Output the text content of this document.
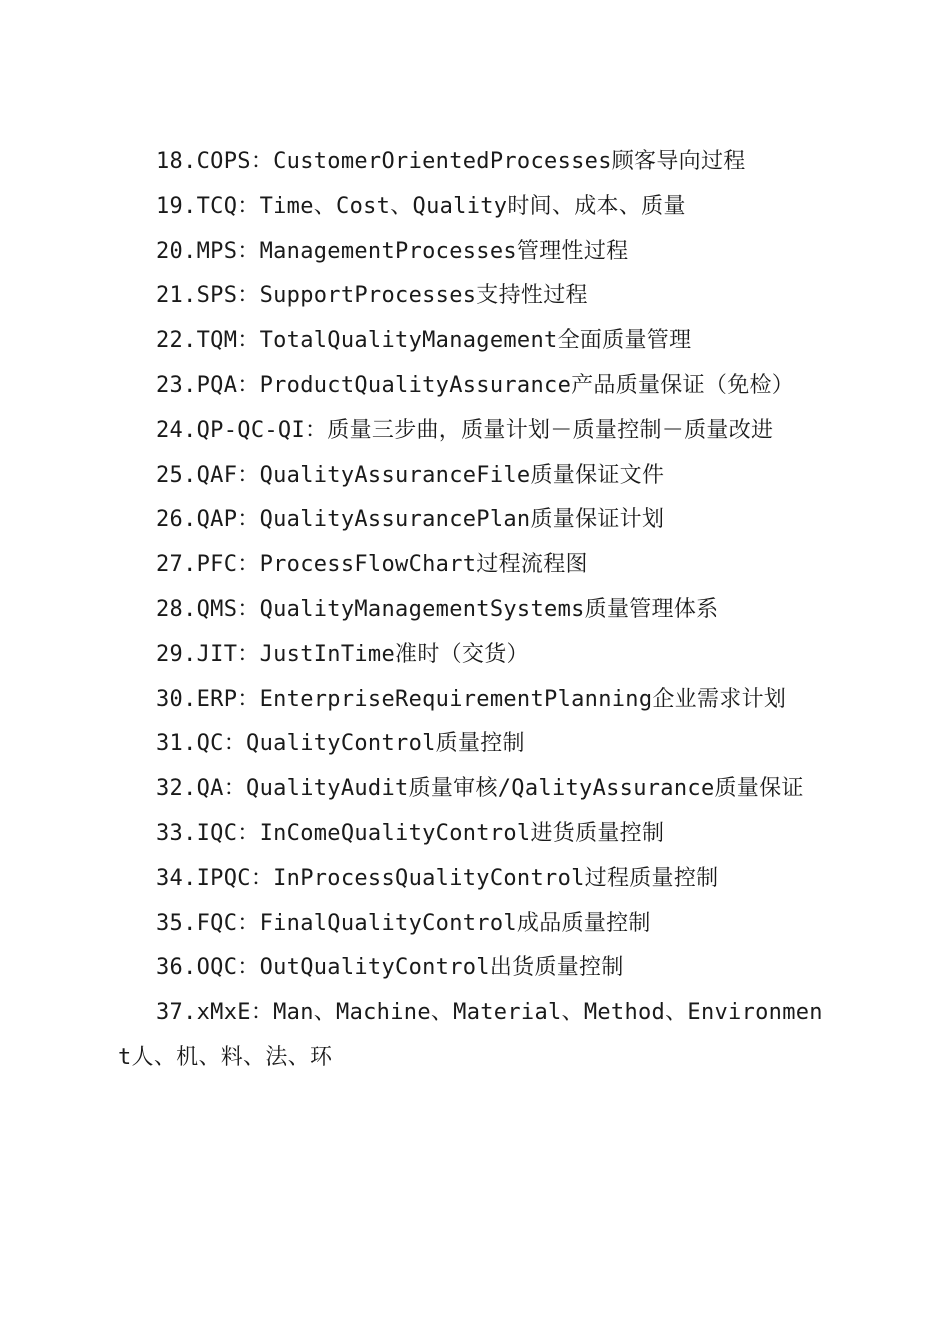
18.COPS：CustomerOrientedProcesses顾客导向过程

19.TCQ：Time、Cost、Quality时间、成本、质量

20.MPS：ManagementProcesses管理性过程

21.SPS：SupportProcesses支持性过程

22.TQM：TotalQualityManagement全面质量管理

23.PQA：ProductQualityAssurance产品质量保证（免检）

24.QP-QC-QI：质量三步曲，质量计划－质量控制－质量改进

25.QAF：QualityAssuranceFile质量保证文件

26.QAP：QualityAssurancePlan质量保证计划

27.PFC：ProcessFlowChart过程流程图

28.QMS：QualityManagementSystems质量管理体系

29.JIT：JustInTime准时（交货）

30.ERP：EnterpriseRequirementPlanning企业需求计划

31.QC：QualityControl质量控制

32.QA：QualityAudit质量审核/QalityAssurance质量保证

33.IQC：InComeQualityControl进货质量控制

34.IPQC：InProcessQualityControl过程质量控制

35.FQC：FinalQualityControl成品质量控制

36.OQC：OutQualityControl出货质量控制

37.xMxE：Man、Machine、Material、Method、Environment人、机、料、法、环
